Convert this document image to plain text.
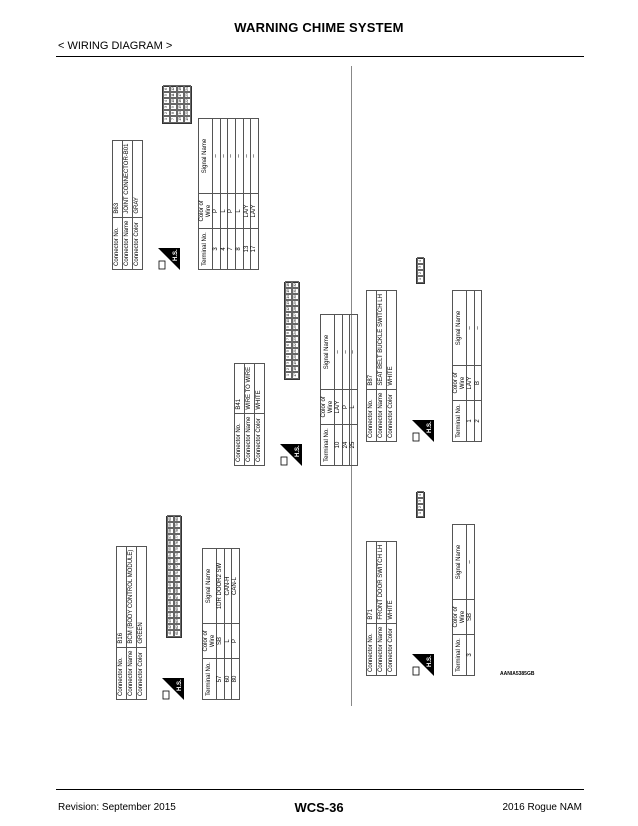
WARNING CHIME SYSTEM
< WIRING DIAGRAM >
Connector No.	B16
Connector Name	BCM (BODY CONTROL MODULE)
Connector Color	GREEN
H.S.
41
42
43
44
45
46
47
48
49
50
51
52
53
54
55
56
57
58
59
60
61
62
63
64
65
66
67
68
69
70
71
72
73
74
75
76
77
78
79
80
Terminal No.	Color of Wire	Signal Name
57	SB	1DR DOOR2 SW
60	L	CAN-H
80	P	CAN-L
Connector No.	B41
Connector Name	WIRE TO WIRE
Connector Color	WHITE
H.S.
1
2
3
4
5
6
7
8
9
10
11
12
13
14
15
16
17
18
19
20
21
22
23
24
25
26
27
28
29
30
31
32
Terminal No.	Color of Wire	Signal Name
10	LA/Y	–
24	P	–
25	L	–
Connector No.	B63
Connector Name	JOINT CONNECTOR-B01
Connector Color	GRAY
H.S.
1
2
3
4
5
6
7
8
9
10
11
12
13
14
15
16
17
18
19
20
21
22
23
24
Terminal No.	Color of Wire	Signal Name
3	P	–
4	L	–
7	P	–
8	L	–
13	LA/Y	–
17	LA/Y	–
Connector No.	B71
Connector Name	FRONT DOOR SWITCH LH
Connector Color	WHITE
H.S.
1
2
3
4
Terminal No.	Color of Wire	Signal Name
3	SB	–
Connector No.	B87
Connector Name	SEAT BELT BUCKLE SWITCH LH
Connector Color	WHITE
H.S.
1
2
3
4
Terminal No.	Color of Wire	Signal Name
1	LA/Y	–
2	B	–
AANIA5385GB
Revision: September 2015	WCS-36	2016 Rogue NAM
